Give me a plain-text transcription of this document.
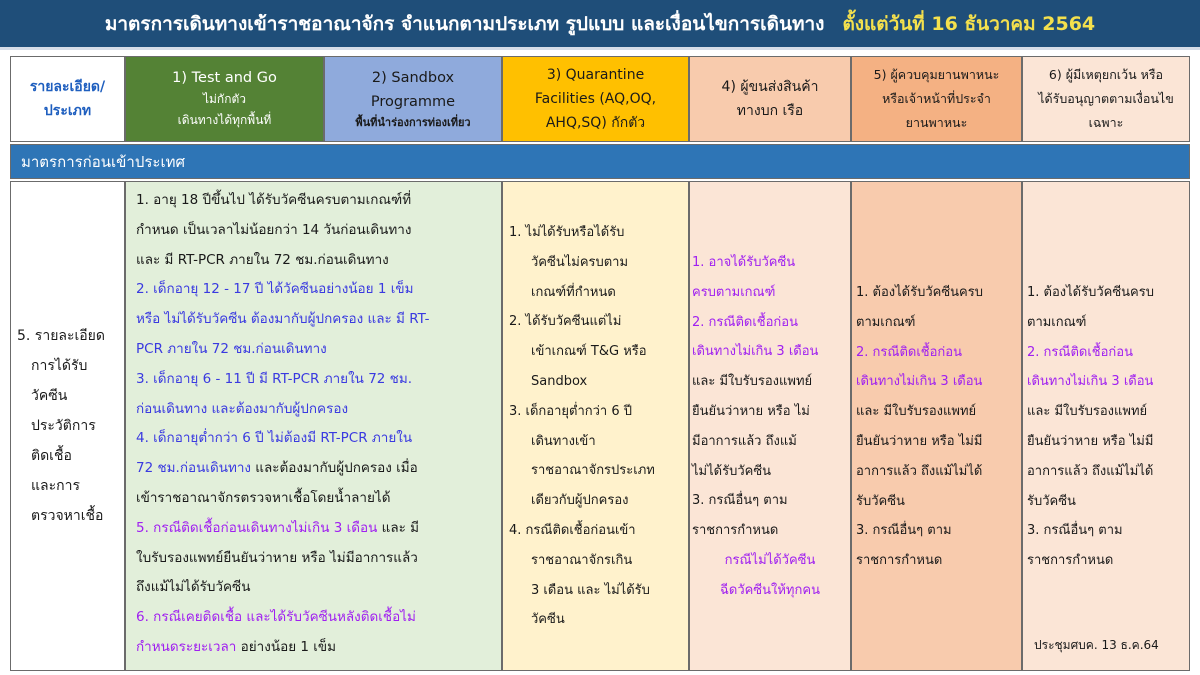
มาตรการเดินทางเข้าราชอาณาจักร จำแนกตามประเภท รูปแบบ และเงื่อนไขการเดินทาง ตั้งแต่วันที่ 16 ธันวาคม 2564
รายละเอียด/
ประเภท
1) Test and Go
ไม่กักตัว
เดินทางได้ทุกพื้นที่
2) Sandbox
Programme
พื้นที่นำร่องการท่องเที่ยว
3) Quarantine
Facilities (AQ,OQ,
AHQ,SQ) กักตัว
4) ผู้ขนส่งสินค้า
ทางบก เรือ
5) ผู้ควบคุมยานพาหนะ
หรือเจ้าหน้าที่ประจำ
ยานพาหนะ
6) ผู้มีเหตุยกเว้น หรือ
ได้รับอนุญาตตามเงื่อนไข
เฉพาะ
มาตรการก่อนเข้าประเทศ
5. รายละเอียด
การได้รับ
วัคซีน
ประวัติการ
ติดเชื้อ
และการ
ตรวจหาเชื้อ
1. อายุ 18 ปีขึ้นไป ได้รับวัคซีนครบตามเกณฑ์ที่
กำหนด เป็นเวลาไม่น้อยกว่า 14 วันก่อนเดินทาง
และ มี RT-PCR ภายใน 72 ชม.ก่อนเดินทาง
2. เด็กอายุ 12 - 17 ปี ได้วัคซีนอย่างน้อย 1 เข็ม
หรือ ไม่ได้รับวัคซีน ต้องมากับผู้ปกครอง และ มี RT-
PCR ภายใน 72 ชม.ก่อนเดินทาง
3. เด็กอายุ 6 - 11 ปี มี RT-PCR ภายใน 72 ชม.
ก่อนเดินทาง และต้องมากับผู้ปกครอง
4. เด็กอายุต่ำกว่า 6 ปี ไม่ต้องมี RT-PCR ภายใน
72 ชม.ก่อนเดินทาง และต้องมากับผู้ปกครอง เมื่อ
เข้าราชอาณาจักรตรวจหาเชื้อโดยน้ำลายได้
5. กรณีติดเชื้อก่อนเดินทางไม่เกิน 3 เดือน และ มี
ใบรับรองแพทย์ยืนยันว่าหาย หรือ ไม่มีอาการแล้ว
ถึงแม้ไม่ได้รับวัคซีน
6. กรณีเคยติดเชื้อ และได้รับวัคซีนหลังติดเชื้อไม่
กำหนดระยะเวลา อย่างน้อย 1 เข็ม
1. ไม่ได้รับหรือได้รับ
วัคซีนไม่ครบตาม
เกณฑ์ที่กำหนด
2. ได้รับวัคซีนแต่ไม่
เข้าเกณฑ์ T&G หรือ
Sandbox
3. เด็กอายุต่ำกว่า 6 ปี
เดินทางเข้า
ราชอาณาจักรประเภท
เดียวกับผู้ปกครอง
4. กรณีติดเชื้อก่อนเข้า
ราชอาณาจักรเกิน
3 เดือน และ ไม่ได้รับ
วัคซีน
1. อาจได้รับวัคซีน
ครบตามเกณฑ์
2. กรณีติดเชื้อก่อน
เดินทางไม่เกิน 3 เดือน
และ มีใบรับรองแพทย์
ยืนยันว่าหาย หรือ ไม่
มีอาการแล้ว ถึงแม้
ไม่ได้รับวัคซีน
3. กรณีอื่นๆ ตาม
ราชการกำหนด
กรณีไม่ได้วัคซีน
ฉีดวัคซีนให้ทุกคน
1. ต้องได้รับวัคซีนครบ
ตามเกณฑ์
2. กรณีติดเชื้อก่อน
เดินทางไม่เกิน 3 เดือน
และ มีใบรับรองแพทย์
ยืนยันว่าหาย หรือ ไม่มี
อาการแล้ว ถึงแม้ไม่ได้
รับวัคซีน
3. กรณีอื่นๆ ตาม
ราชการกำหนด
1. ต้องได้รับวัคซีนครบ
ตามเกณฑ์
2. กรณีติดเชื้อก่อน
เดินทางไม่เกิน 3 เดือน
และ มีใบรับรองแพทย์
ยืนยันว่าหาย หรือ ไม่มี
อาการแล้ว ถึงแม้ไม่ได้
รับวัคซีน
3. กรณีอื่นๆ ตาม
ราชการกำหนด
ประชุมศบค. 13 ธ.ค.64
